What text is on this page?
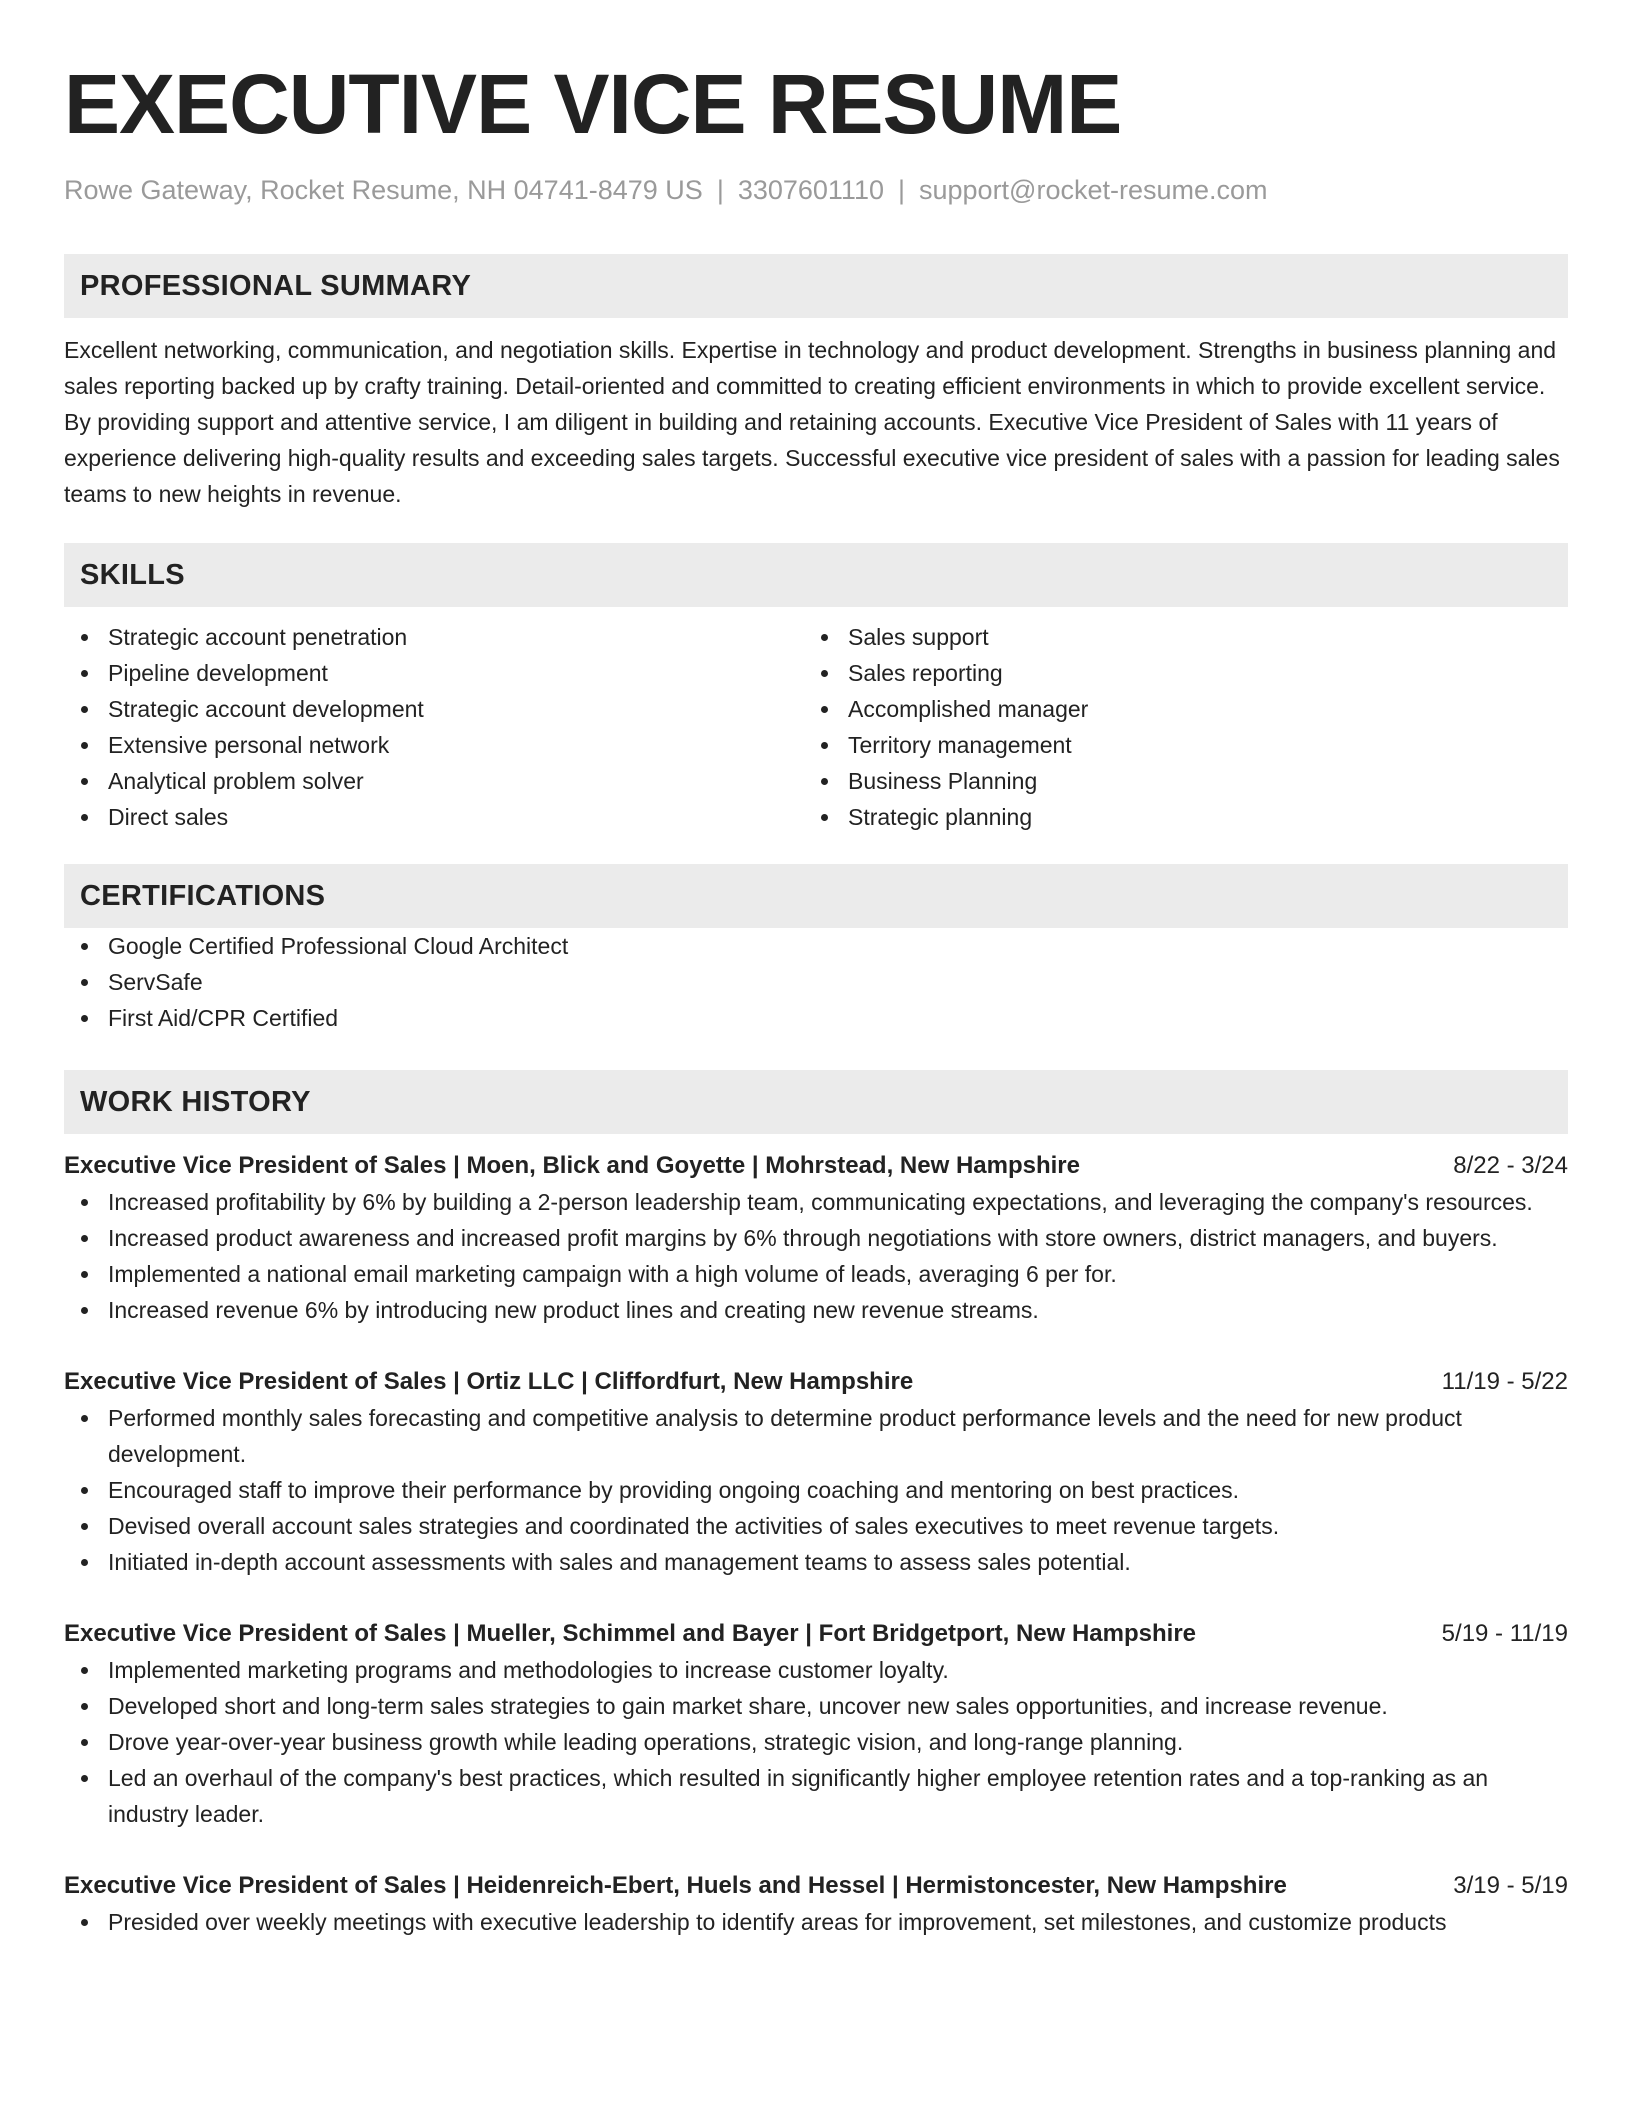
EXECUTIVE VICE RESUME
Rowe Gateway, Rocket Resume, NH 04741-8479 US | 3307601110 | support@rocket-resume.com
PROFESSIONAL SUMMARY
Excellent networking, communication, and negotiation skills. Expertise in technology and product development. Strengths in business planning and sales reporting backed up by crafty training. Detail-oriented and committed to creating efficient environments in which to provide excellent service. By providing support and attentive service, I am diligent in building and retaining accounts. Executive Vice President of Sales with 11 years of experience delivering high-quality results and exceeding sales targets. Successful executive vice president of sales with a passion for leading sales teams to new heights in revenue.
SKILLS
Strategic account penetration
Pipeline development
Strategic account development
Extensive personal network
Analytical problem solver
Direct sales
Sales support
Sales reporting
Accomplished manager
Territory management
Business Planning
Strategic planning
CERTIFICATIONS
Google Certified Professional Cloud Architect
ServSafe
First Aid/CPR Certified
WORK HISTORY
Executive Vice President of Sales | Moen, Blick and Goyette | Mohrstead, New Hampshire	8/22 - 3/24
Increased profitability by 6% by building a 2-person leadership team, communicating expectations, and leveraging the company's resources.
Increased product awareness and increased profit margins by 6% through negotiations with store owners, district managers, and buyers.
Implemented a national email marketing campaign with a high volume of leads, averaging 6 per for.
Increased revenue 6% by introducing new product lines and creating new revenue streams.
Executive Vice President of Sales | Ortiz LLC | Cliffordfurt, New Hampshire	11/19 - 5/22
Performed monthly sales forecasting and competitive analysis to determine product performance levels and the need for new product development.
Encouraged staff to improve their performance by providing ongoing coaching and mentoring on best practices.
Devised overall account sales strategies and coordinated the activities of sales executives to meet revenue targets.
Initiated in-depth account assessments with sales and management teams to assess sales potential.
Executive Vice President of Sales | Mueller, Schimmel and Bayer | Fort Bridgetport, New Hampshire	5/19 - 11/19
Implemented marketing programs and methodologies to increase customer loyalty.
Developed short and long-term sales strategies to gain market share, uncover new sales opportunities, and increase revenue.
Drove year-over-year business growth while leading operations, strategic vision, and long-range planning.
Led an overhaul of the company's best practices, which resulted in significantly higher employee retention rates and a top-ranking as an industry leader.
Executive Vice President of Sales | Heidenreich-Ebert, Huels and Hessel | Hermistoncester, New Hampshire	3/19 - 5/19
Presided over weekly meetings with executive leadership to identify areas for improvement, set milestones, and customize products
